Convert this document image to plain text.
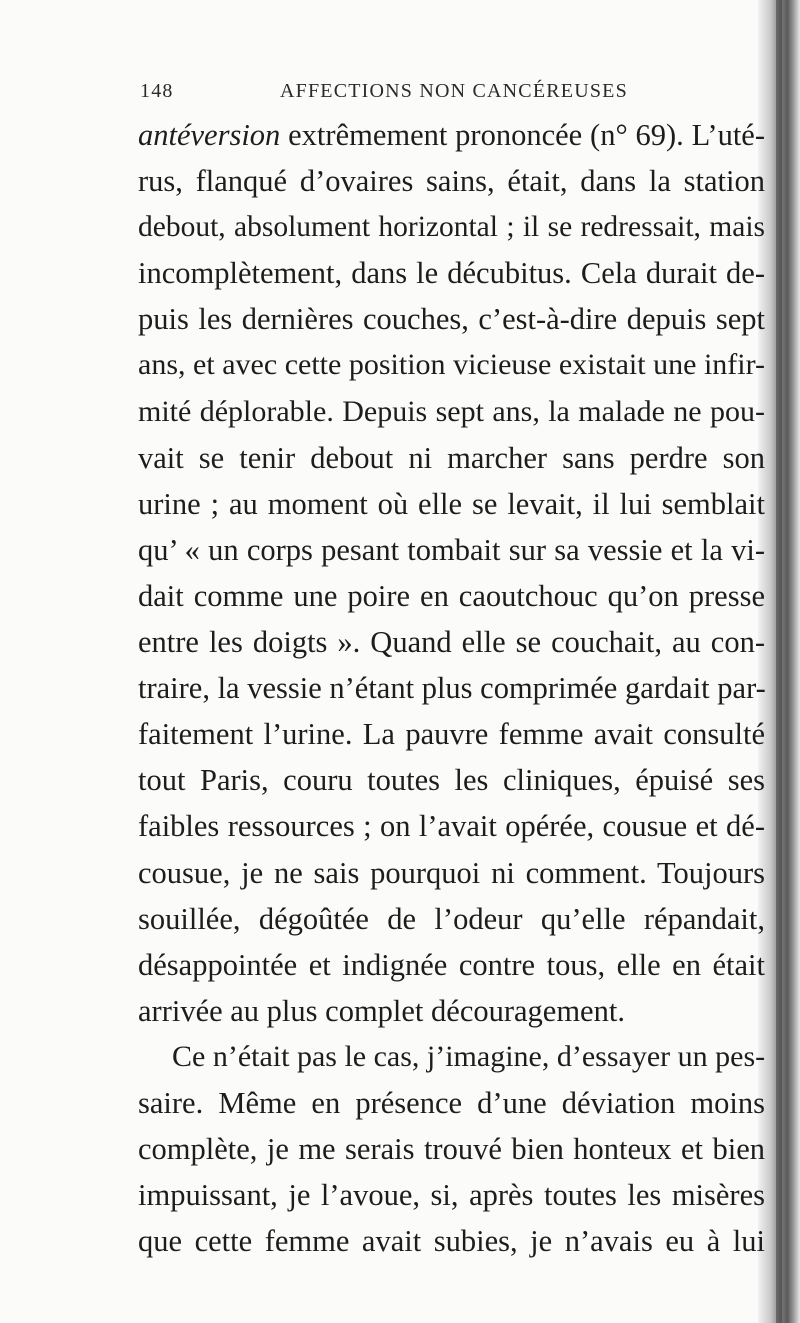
148	AFFECTIONS NON CANCÉREUSES
antéversion extrêmement prononcée (n° 69). L’uté-
rus, flanqué d’ovaires sains, était, dans la station
debout, absolument horizontal ; il se redressait, mais
incomplètement, dans le décubitus. Cela durait de-
puis les dernières couches, c’est-à-dire depuis sept
ans, et avec cette position vicieuse existait une infir-
mité déplorable. Depuis sept ans, la malade ne pou-
vait se tenir debout ni marcher sans perdre son
urine ; au moment où elle se levait, il lui semblait
qu’ « un corps pesant tombait sur sa vessie et la vi-
dait comme une poire en caoutchouc qu’on presse
entre les doigts ». Quand elle se couchait, au con-
traire, la vessie n’étant plus comprimée gardait par-
faitement l’urine. La pauvre femme avait consulté
tout Paris, couru toutes les cliniques, épuisé ses
faibles ressources ; on l’avait opérée, cousue et dé-
cousue, je ne sais pourquoi ni comment. Toujours
souillée, dégoûtée de l’odeur qu’elle répandait,
désappointée et indignée contre tous, elle en était
arrivée au plus complet découragement.
Ce n’était pas le cas, j’imagine, d’essayer un pes-
saire. Même en présence d’une déviation moins
complète, je me serais trouvé bien honteux et bien
impuissant, je l’avoue, si, après toutes les misères
que cette femme avait subies, je n’avais eu à lui
